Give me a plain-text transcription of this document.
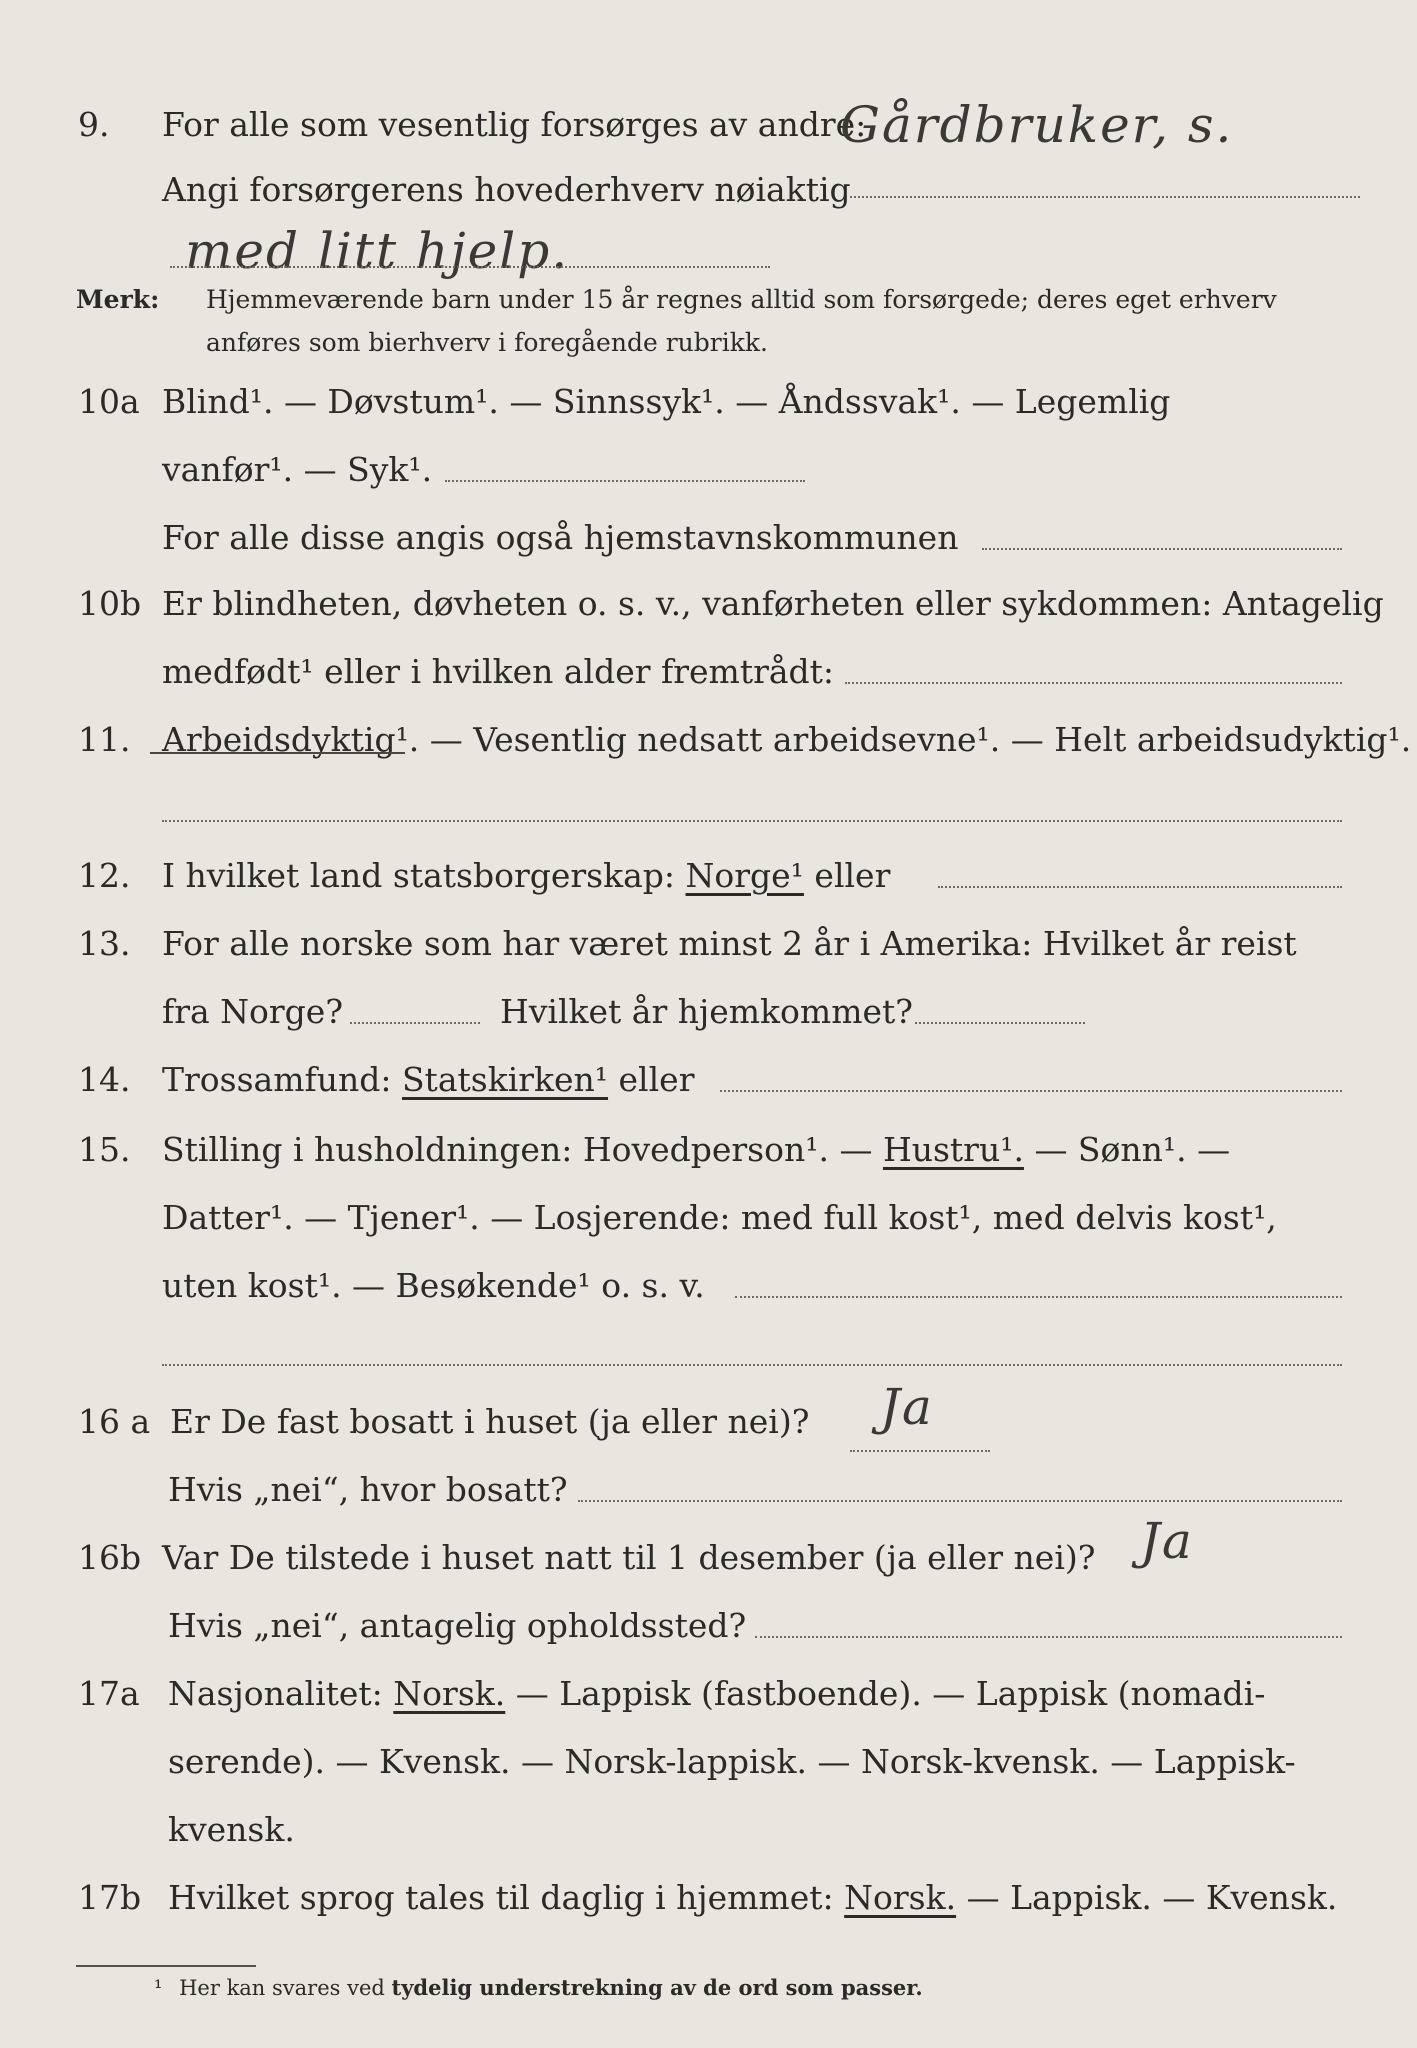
9. For alle som vesentlig forsørges av andre:
Gårdbruker, s.
Angi forsørgerens hovederhverv nøiaktig
med litt hjelp.
Merk: Hjemmeværende barn under 15 år regnes alltid som forsørgede; deres eget erhverv
anføres som bierhverv i foregående rubrikk.
10a Blind¹. — Døvstum¹. — Sinnssyk¹. — Åndssvak¹. — Legemlig
vanfør¹. — Syk¹.
For alle disse angis også hjemstavnskommunen
10b Er blindheten, døvheten o. s. v., vanførheten eller sykdommen: Antagelig
medfødt¹ eller i hvilken alder fremtrådt:
11. Arbeidsdyktig¹. — Vesentlig nedsatt arbeidsevne¹. — Helt arbeidsudyktig¹.
12. I hvilket land statsborgerskap: Norge¹ eller
13. For alle norske som har været minst 2 år i Amerika: Hvilket år reist
fra Norge?	Hvilket år hjemkommet?
14. Trossamfund: Statskirken¹ eller
15. Stilling i husholdningen: Hovedperson¹. — Hustru¹. — Sønn¹. —
Datter¹. — Tjener¹. — Losjerende: med full kost¹, med delvis kost¹,
uten kost¹. — Besøkende¹ o. s. v.
16 a Er De fast bosatt i huset (ja eller nei)? Ja
Hvis „nei“, hvor bosatt?
16b Var De tilstede i huset natt til 1 desember (ja eller nei)? Ja
Hvis „nei“, antagelig opholdssted?
17a Nasjonalitet: Norsk. — Lappisk (fastboende). — Lappisk (nomadi-
serende). — Kvensk. — Norsk-lappisk. — Norsk-kvensk. — Lappisk-
kvensk.
17b Hvilket sprog tales til daglig i hjemmet: Norsk. — Lappisk. — Kvensk.
¹ Her kan svares ved tydelig understrekning av de ord som passer.
